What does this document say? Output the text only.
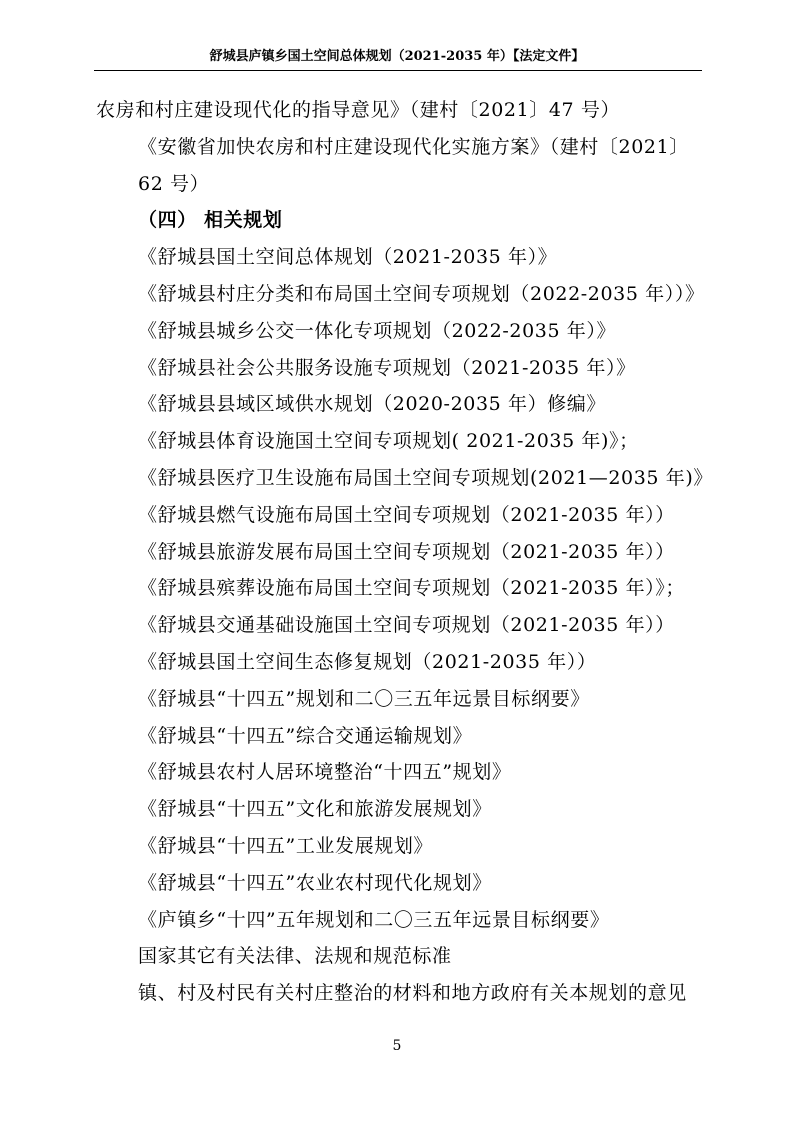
舒城县庐镇乡国土空间总体规划（2021-2035 年）【法定文件】
农房和村庄建设现代化的指导意见》（建村〔2021〕47 号）
《安徽省加快农房和村庄建设现代化实施方案》（建村〔2021〕62 号）
（四） 相关规划
《舒城县国土空间总体规划（2021-2035 年）》
《舒城县村庄分类和布局国土空间专项规划（2022-2035 年））》
《舒城县城乡公交一体化专项规划（2022-2035 年）》
《舒城县社会公共服务设施专项规划（2021-2035 年）》
《舒城县县域区域供水规划（2020-2035 年）修编》
《舒城县体育设施国土空间专项规划( 2021-2035 年)》；
《舒城县医疗卫生设施布局国土空间专项规划(2021—2035 年)》
《舒城县燃气设施布局国土空间专项规划（2021-2035 年））
《舒城县旅游发展布局国土空间专项规划（2021-2035 年））
《舒城县殡葬设施布局国土空间专项规划（2021-2035 年）》；
《舒城县交通基础设施国土空间专项规划（2021-2035 年））
《舒城县国土空间生态修复规划（2021-2035 年））
《舒城县“十四五”规划和二〇三五年远景目标纲要》
《舒城县“十四五”综合交通运输规划》
《舒城县农村人居环境整治“十四五”规划》
《舒城县“十四五”文化和旅游发展规划》
《舒城县“十四五”工业发展规划》
《舒城县“十四五”农业农村现代化规划》
《庐镇乡“十四”五年规划和二〇三五年远景目标纲要》
国家其它有关法律、法规和规范标准
镇、村及村民有关村庄整治的材料和地方政府有关本规划的意见
5
